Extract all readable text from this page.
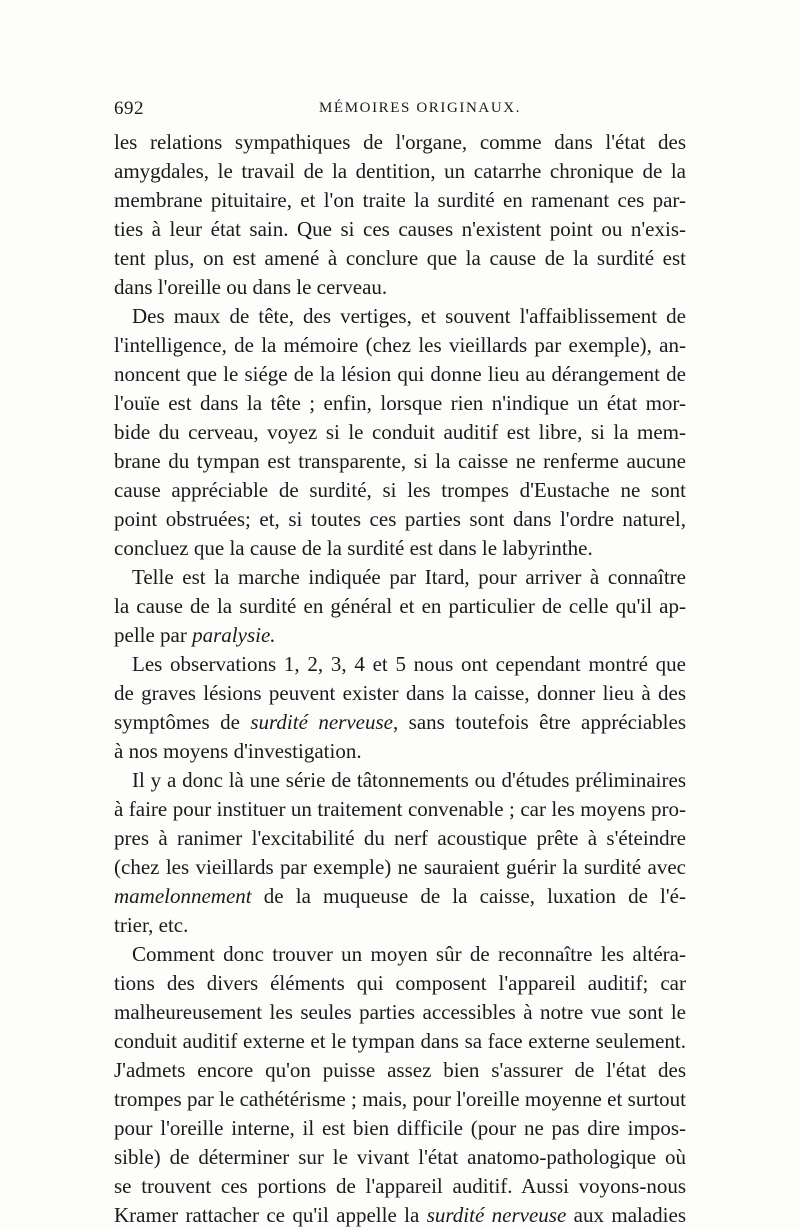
692	MÉMOIRES ORIGINAUX.
les relations sympathiques de l'organe, comme dans l'état des
amygdales, le travail de la dentition, un catarrhe chronique de la
membrane pituitaire, et l'on traite la surdité en ramenant ces par-
ties à leur état sain. Que si ces causes n'existent point ou n'exis-
tent plus, on est amené à conclure que la cause de la surdité est
dans l'oreille ou dans le cerveau.
Des maux de tête, des vertiges, et souvent l'affaiblissement de
l'intelligence, de la mémoire (chez les vieillards par exemple), an-
noncent que le siége de la lésion qui donne lieu au dérangement de
l'ouïe est dans la tête ; enfin, lorsque rien n'indique un état mor-
bide du cerveau, voyez si le conduit auditif est libre, si la mem-
brane du tympan est transparente, si la caisse ne renferme aucune
cause appréciable de surdité, si les trompes d'Eustache ne sont
point obstruées; et, si toutes ces parties sont dans l'ordre naturel,
concluez que la cause de la surdité est dans le labyrinthe.
Telle est la marche indiquée par Itard, pour arriver à connaître
la cause de la surdité en général et en particulier de celle qu'il ap-
pelle par paralysie.
Les observations 1, 2, 3, 4 et 5 nous ont cependant montré que
de graves lésions peuvent exister dans la caisse, donner lieu à des
symptômes de surdité nerveuse, sans toutefois être appréciables
à nos moyens d'investigation.
Il y a donc là une série de tâtonnements ou d'études préliminaires
à faire pour instituer un traitement convenable ; car les moyens pro-
pres à ranimer l'excitabilité du nerf acoustique prête à s'éteindre
(chez les vieillards par exemple) ne sauraient guérir la surdité avec
mamelonnement de la muqueuse de la caisse, luxation de l'é-
trier, etc.
Comment donc trouver un moyen sûr de reconnaître les altéra-
tions des divers éléments qui composent l'appareil auditif; car
malheureusement les seules parties accessibles à notre vue sont le
conduit auditif externe et le tympan dans sa face externe seulement.
J'admets encore qu'on puisse assez bien s'assurer de l'état des
trompes par le cathétérisme ; mais, pour l'oreille moyenne et surtout
pour l'oreille interne, il est bien difficile (pour ne pas dire impos-
sible) de déterminer sur le vivant l'état anatomo-pathologique où
se trouvent ces portions de l'appareil auditif. Aussi voyons-nous
Kramer rattacher ce qu'il appelle la surdité nerveuse aux maladies
